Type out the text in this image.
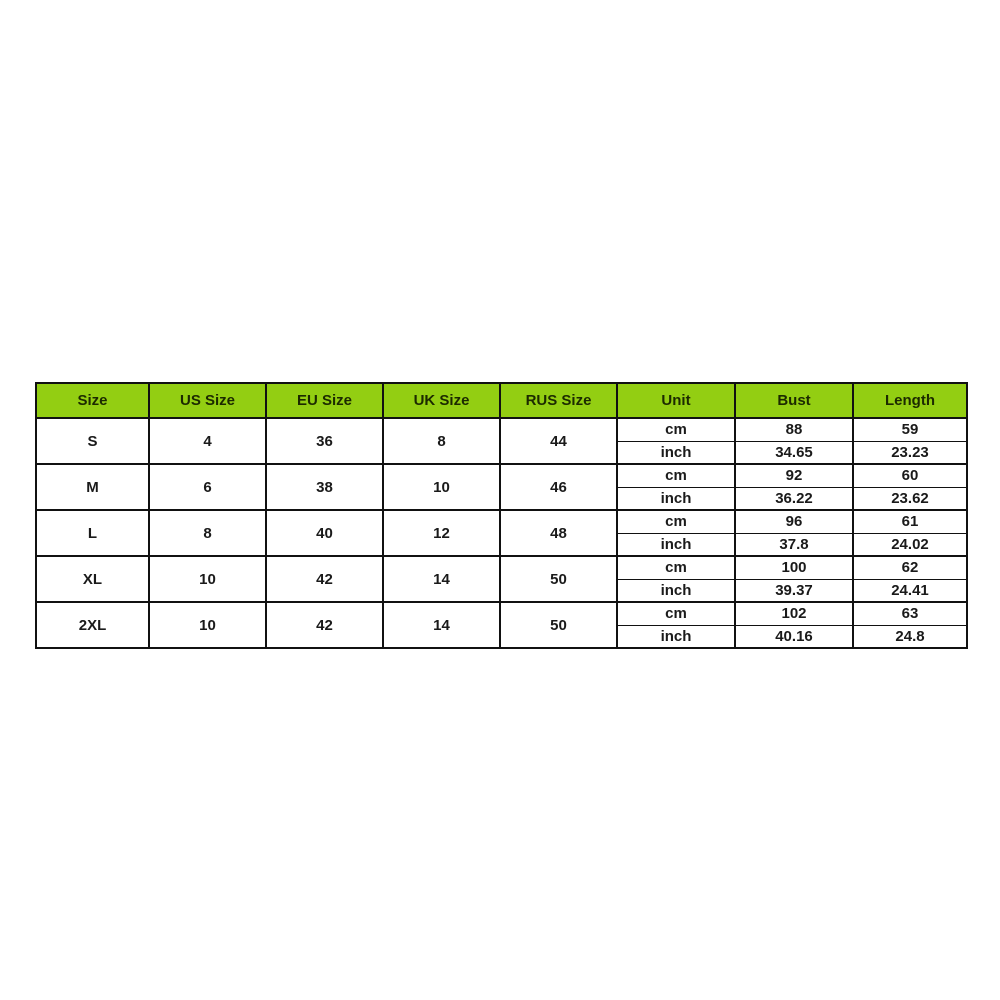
Size	US Size	EU Size	UK Size	RUS Size	Unit	Bust	Length
S	4	36	8	44	cm	88	59
					inch	34.65	23.23
M	6	38	10	46	cm	92	60
					inch	36.22	23.62
L	8	40	12	48	cm	96	61
					inch	37.8	24.02
XL	10	42	14	50	cm	100	62
					inch	39.37	24.41
2XL	10	42	14	50	cm	102	63
					inch	40.16	24.8
